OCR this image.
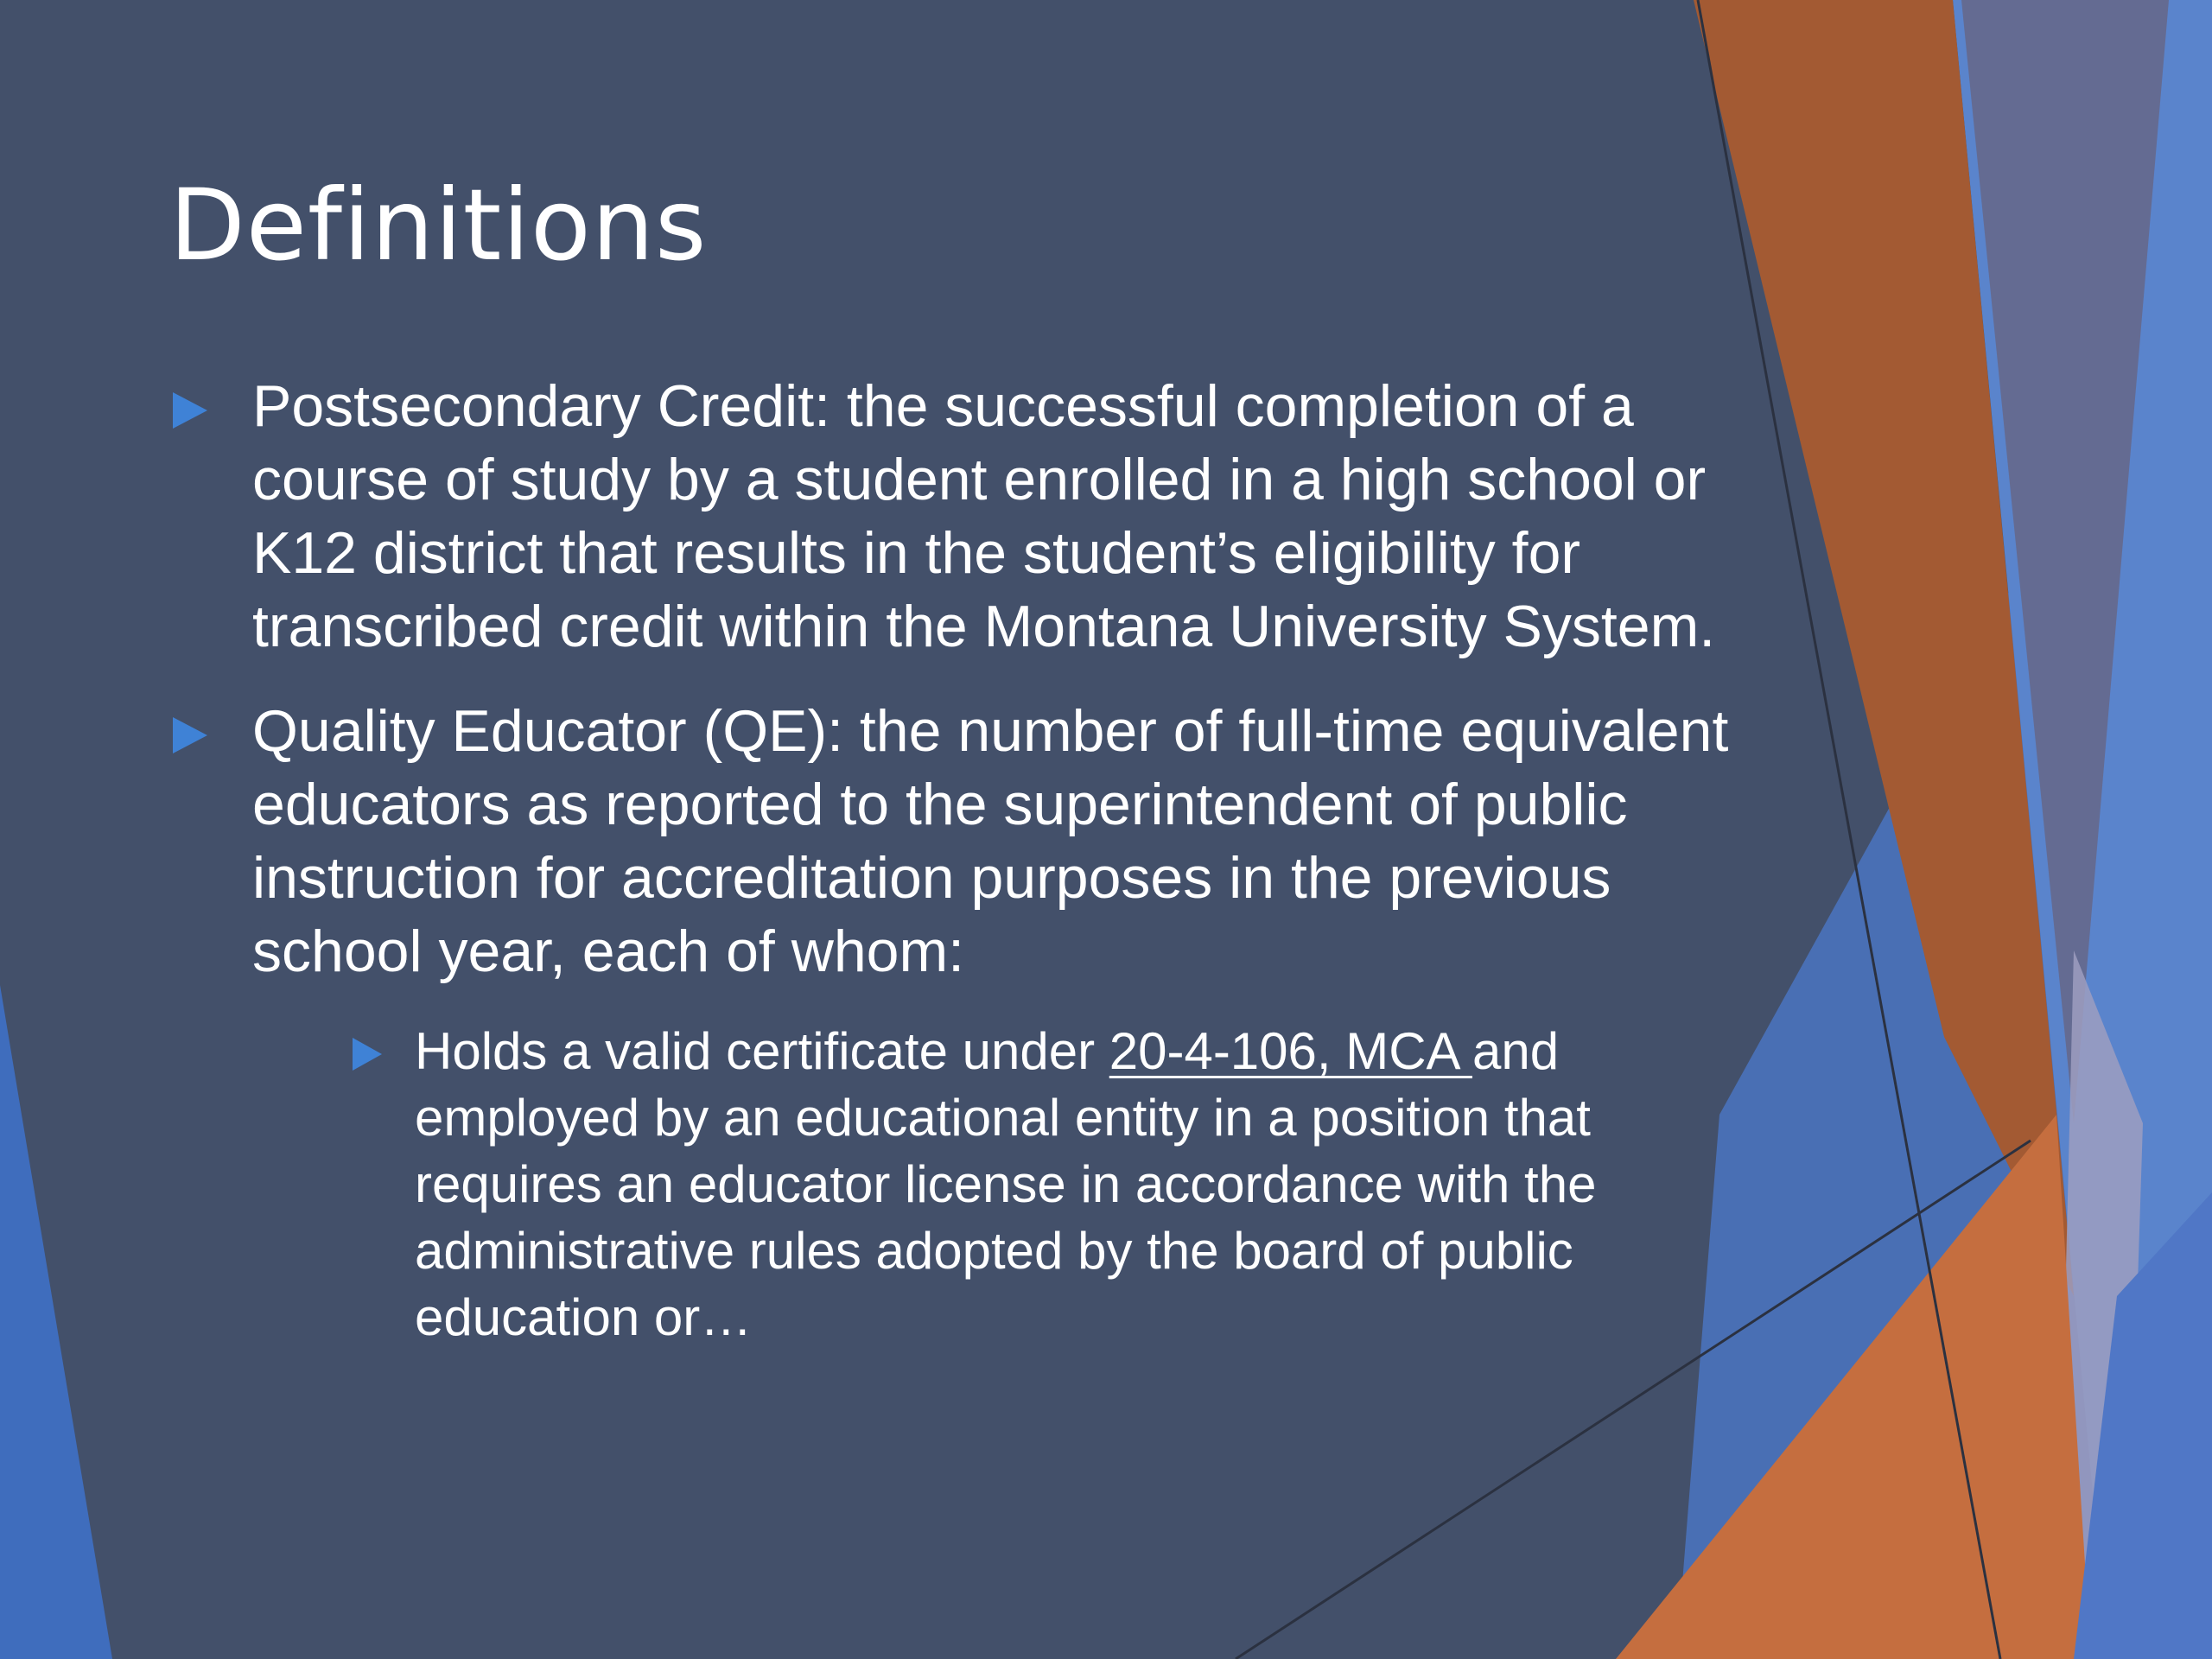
Definitions
Postsecondary Credit: the successful completion of a course of study by a student enrolled in a high school or K12 district that results in the student’s eligibility for transcribed credit within the Montana University System.
Quality Educator (QE): the number of full-time equivalent educators as reported to the superintendent of public instruction for accreditation purposes in the previous school year, each of whom:
Holds a valid certificate under 20-4-106, MCA and employed by an educational entity in a position that requires an educator license in accordance with the administrative rules adopted by the board of public education or…
